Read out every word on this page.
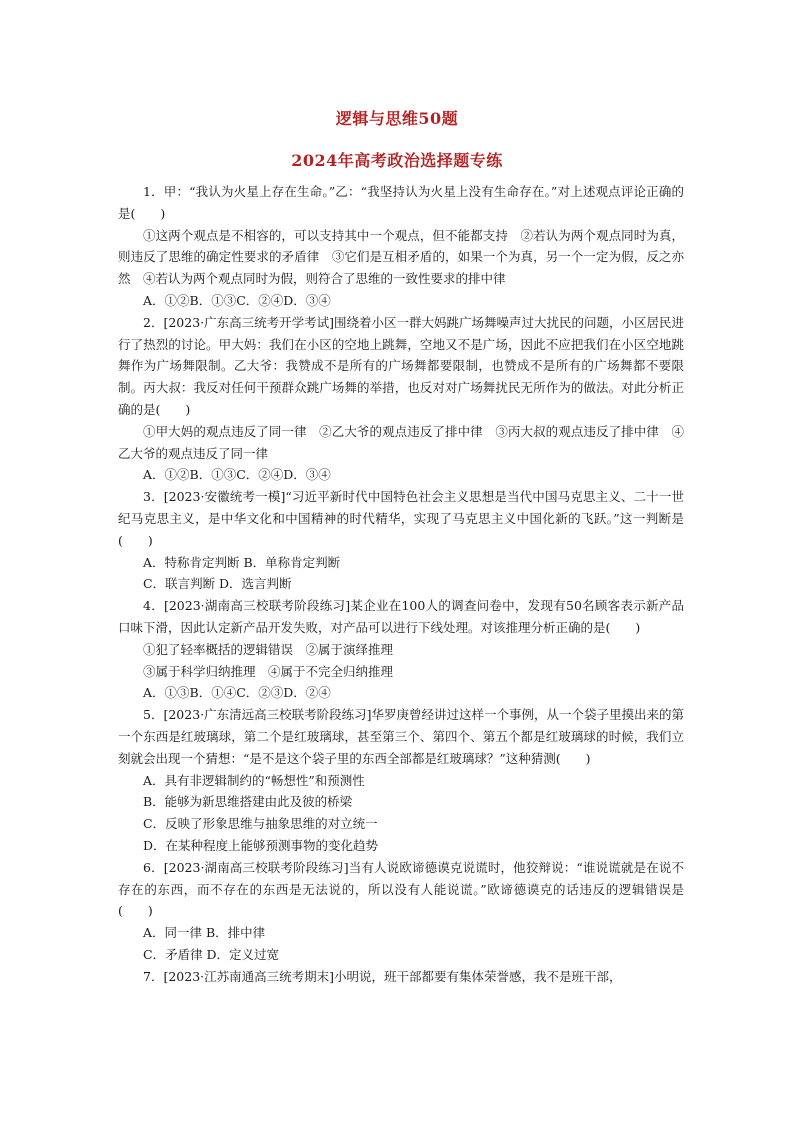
逻辑与思维50题
2024年高考政治选择题专练

1．甲：“我认为火星上存在生命。”乙：“我坚持认为火星上没有生命存在。”对上述观点评论正确的是(　　)

①这两个观点是不相容的，可以支持其中一个观点，但不能都支持　②若认为两个观点同时为真，则违反了思维的确定性要求的矛盾律　③它们是互相矛盾的，如果一个为真，另一个一定为假，反之亦然　④若认为两个观点同时为假，则符合了思维的一致性要求的排中律

A．①②B．①③C．②④D．③④

2．[2023·广东高三统考开学考试]围绕着小区一群大妈跳广场舞噪声过大扰民的问题，小区居民进行了热烈的讨论。甲大妈：我们在小区的空地上跳舞，空地又不是广场，因此不应把我们在小区空地跳舞作为广场舞限制。乙大爷：我赞成不是所有的广场舞都要限制，也赞成不是所有的广场舞都不要限制。丙大叔：我反对任何干预群众跳广场舞的举措，也反对对广场舞扰民无所作为的做法。对此分析正确的是(　　)

①甲大妈的观点违反了同一律　②乙大爷的观点违反了排中律　③丙大叔的观点违反了排中律　④乙大爷的观点违反了同一律

A．①②B．①③C．②④D．③④

3．[2023·安徽统考一模]“习近平新时代中国特色社会主义思想是当代中国马克思主义、二十一世纪马克思主义，是中华文化和中国精神的时代精华，实现了马克思主义中国化新的飞跃。”这一判断是(　　)

A．特称肯定判断 B．单称肯定判断

C．联言判断 D．选言判断

4．[2023·湖南高三校联考阶段练习]某企业在100人的调查问卷中，发现有50名顾客表示新产品口味下滑，因此认定新产品开发失败，对产品可以进行下线处理。对该推理分析正确的是(　　)

①犯了轻率概括的逻辑错误　②属于演绎推理

③属于科学归纳推理　④属于不完全归纳推理

A．①③B．①④C．②③D．②④

5．[2023·广东清远高三校联考阶段练习]华罗庚曾经讲过这样一个事例，从一个袋子里摸出来的第一个东西是红玻璃球，第二个是红玻璃球，甚至第三个、第四个、第五个都是红玻璃球的时候，我们立刻就会出现一个猜想：“是不是这个袋子里的东西全部都是红玻璃球？”这种猜测(　　)

A．具有非逻辑制约的“畅想性”和预测性

B．能够为新思维搭建由此及彼的桥梁

C．反映了形象思维与抽象思维的对立统一

D．在某种程度上能够预测事物的变化趋势

6．[2023·湖南高三校联考阶段练习]当有人说欧谛德谟克说谎时，他狡辩说：“谁说谎就是在说不存在的东西，而不存在的东西是无法说的，所以没有人能说谎。”欧谛德谟克的话违反的逻辑错误是(　　)

A．同一律 B．排中律

C．矛盾律 D．定义过宽

7．[2023·江苏南通高三统考期末]小明说，班干部都要有集体荣誉感，我不是班干部，
